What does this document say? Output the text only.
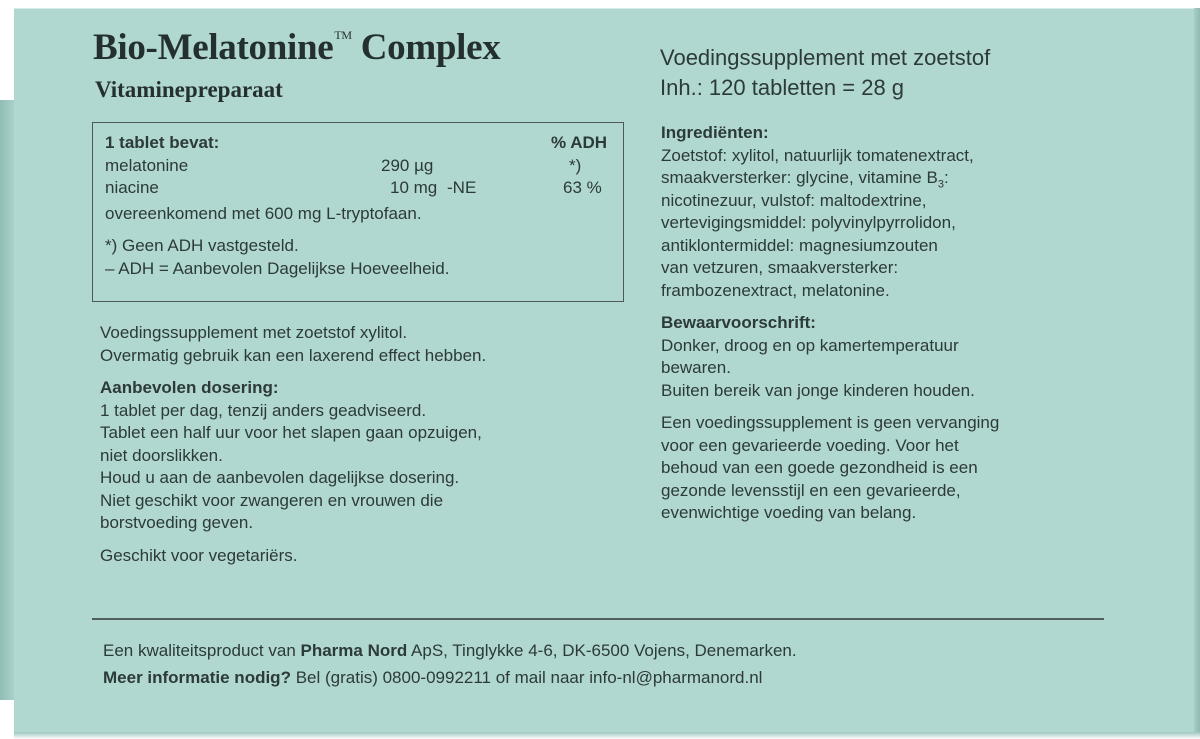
Bio-Melatonine™ Complex
Vitaminepreparaat
Voedingssupplement met zoetstof
Inh.: 120 tabletten = 28 g
1 tablet bevat:	% ADH
melatonine	290 µg	*)
niacine	10 mg -NE	63 %
overeenkomend met 600 mg L-tryptofaan.
*) Geen ADH vastgesteld.
– ADH = Aanbevolen Dagelijkse Hoeveelheid.

Voedingssupplement met zoetstof xylitol.

Overmatig gebruik kan een laxerend effect hebben.

Aanbevolen dosering:

1 tablet per dag, tenzij anders geadviseerd.

Tablet een half uur voor het slapen gaan opzuigen,

niet doorslikken.

Houd u aan de aanbevolen dagelijkse dosering.

Niet geschikt voor zwangeren en vrouwen die

borstvoeding geven.

Geschikt voor vegetariërs.

Ingrediënten:

Zoetstof: xylitol, natuurlijk tomatenextract,

smaakversterker: glycine, vitamine $B_3$:

nicotinezuur, vulstof: maltodextrine,

vertevigingsmiddel: polyvinylpyrrolidon,

antiklontermiddel: magnesiumzouten

van vetzuren, smaakversterker:

frambozenextract, melatonine.

Bewaarvoorschrift:

Donker, droog en op kamertemperatuur

bewaren.

Buiten bereik van jonge kinderen houden.

Een voedingssupplement is geen vervanging

voor een gevarieerde voeding. Voor het

behoud van een goede gezondheid is een

gezonde levensstijl en een gevarieerde,

evenwichtige voeding van belang.

Een kwaliteitsproduct van Pharma Nord ApS, Tinglykke 4-6, DK-6500 Vojens, Denemarken.
Meer informatie nodig? Bel (gratis) 0800-0992211 of mail naar info-nl@pharmanord.nl
